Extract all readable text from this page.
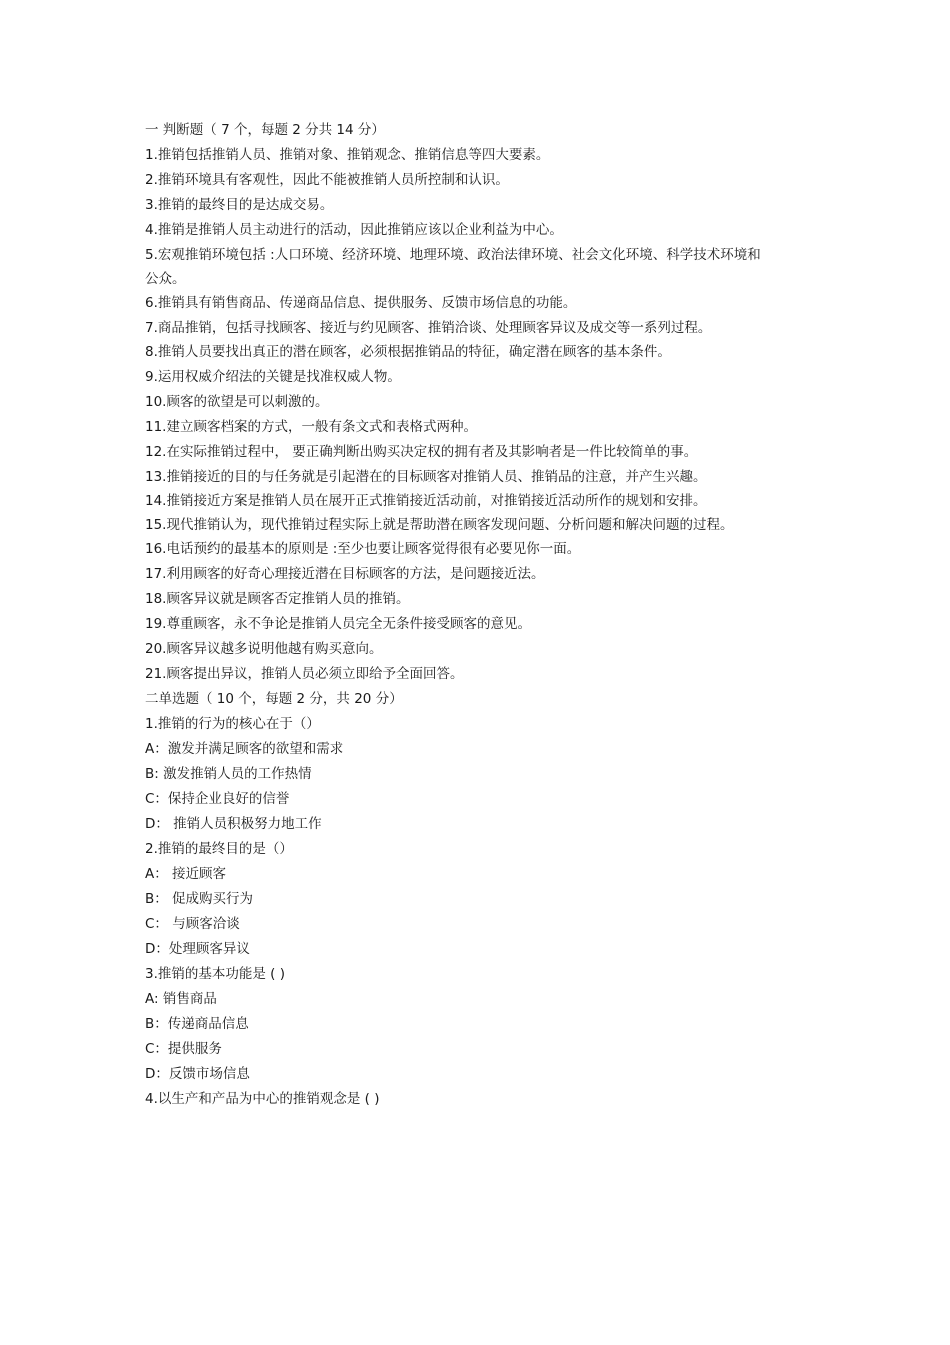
一 判断题（ 7 个，每题 2 分共 14 分）
1.推销包括推销人员、推销对象、推销观念、推销信息等四大要素。
2.推销环境具有客观性，因此不能被推销人员所控制和认识。
3.推销的最终目的是达成交易。
4.推销是推销人员主动进行的活动，因此推销应该以企业利益为中心。
5.宏观推销环境包括 :人口环境、经济环境、地理环境、政治法律环境、社会文化环境、科学技术环境和公众。
6.推销具有销售商品、传递商品信息、提供服务、反馈市场信息的功能。
7.商品推销，包括寻找顾客、接近与约见顾客、推销洽谈、处理顾客异议及成交等一系列过程。
8.推销人员要找出真正的潜在顾客，必须根据推销品的特征，确定潜在顾客的基本条件。
9.运用权威介绍法的关键是找准权威人物。
10.顾客的欲望是可以刺激的。
11.建立顾客档案的方式，一般有条文式和表格式两种。
12.在实际推销过程中， 要正确判断出购买决定权的拥有者及其影响者是一件比较简单的事。
13.推销接近的目的与任务就是引起潜在的目标顾客对推销人员、推销品的注意，并产生兴趣。
14.推销接近方案是推销人员在展开正式推销接近活动前，对推销接近活动所作的规划和安排。
15.现代推销认为，现代推销过程实际上就是帮助潜在顾客发现问题、分析问题和解决问题的过程。
16.电话预约的最基本的原则是 :至少也要让顾客觉得很有必要见你一面。
17.利用顾客的好奇心理接近潜在目标顾客的方法，是问题接近法。
18.顾客异议就是顾客否定推销人员的推销。
19.尊重顾客，永不争论是推销人员完全无条件接受顾客的意见。
20.顾客异议越多说明他越有购买意向。
21.顾客提出异议，推销人员必须立即给予全面回答。
二单选题（ 10 个，每题 2 分，共 20 分）
1.推销的行为的核心在于（）
A：激发并满足顾客的欲望和需求
B: 激发推销人员的工作热情
C：保持企业良好的信誉
D： 推销人员积极努力地工作
2.推销的最终目的是（）
A： 接近顾客
B： 促成购买行为
C： 与顾客洽谈
D：处理顾客异议
3.推销的基本功能是 ( )
A: 销售商品
B：传递商品信息
C：提供服务
D：反馈市场信息
4.以生产和产品为中心的推销观念是 ( )
